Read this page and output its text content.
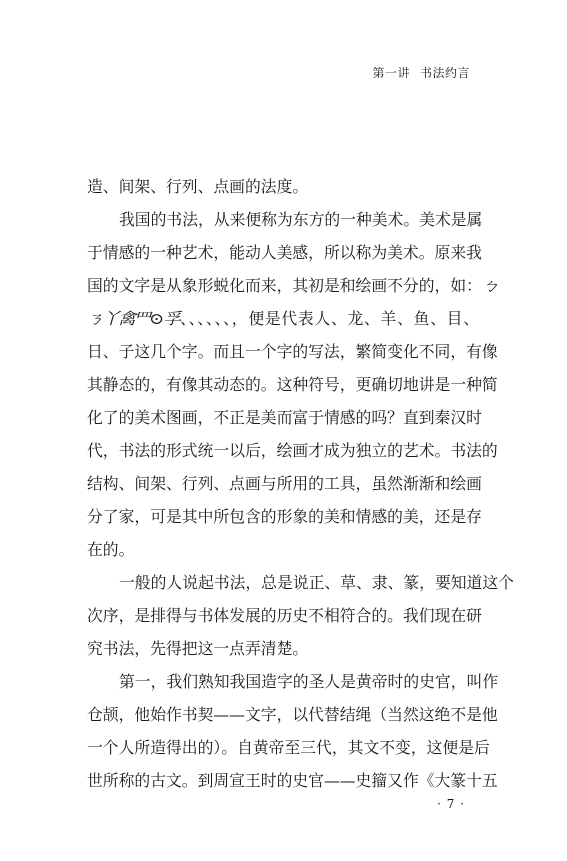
第一讲 书法约言
造、间架、行列、点画的法度。
我国的书法，从来便称为东方的一种美术。美术是属
于情感的一种艺术，能动人美感，所以称为美术。原来我
国的文字是从象形蜕化而来，其初是和绘画不分的，如：ㄅ
ㄋ丫禽罒⊙孚、、、、、、，便是代表人、龙、羊、鱼、目、
日、子这几个字。而且一个字的写法，繁简变化不同，有像
其静态的，有像其动态的。这种符号，更确切地讲是一种简
化了的美术图画，不正是美而富于情感的吗？直到秦汉时
代，书法的形式统一以后，绘画才成为独立的艺术。书法的
结构、间架、行列、点画与所用的工具，虽然渐渐和绘画
分了家，可是其中所包含的形象的美和情感的美，还是存
在的。
一般的人说起书法，总是说正、草、隶、篆，要知道这个
次序，是排得与书体发展的历史不相符合的。我们现在研
究书法，先得把这一点弄清楚。
第一，我们熟知我国造字的圣人是黄帝时的史官，叫作
仓颉，他始作书契——文字，以代替结绳（当然这绝不是他
一个人所造得出的）。自黄帝至三代，其文不变，这便是后
世所称的古文。到周宣王时的史官——史籀又作《大篆十五
· 7 ·
